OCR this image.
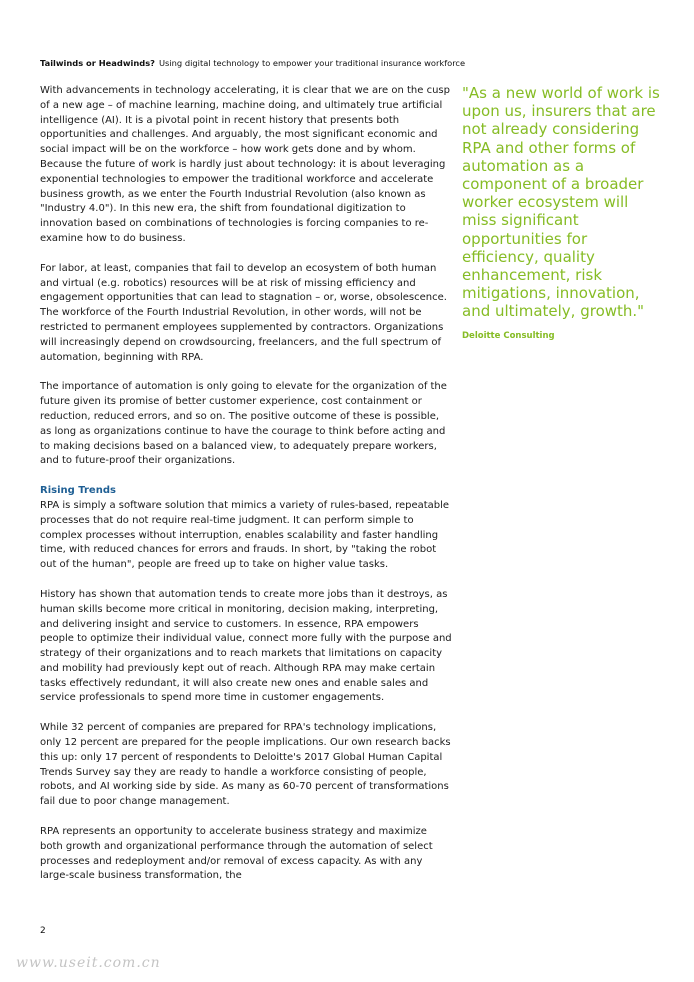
Tailwinds or Headwinds? Using digital technology to empower your traditional insurance workforce

With advancements in technology accelerating, it is clear that we are on the cusp of a new age – of machine learning, machine doing, and ultimately true artificial intelligence (AI). It is a pivotal point in recent history that presents both opportunities and challenges. And arguably, the most significant economic and social impact will be on the workforce – how work gets done and by whom. Because the future of work is hardly just about technology: it is about leveraging exponential technologies to empower the traditional workforce and accelerate business growth, as we enter the Fourth Industrial Revolution (also known as "Industry 4.0"). In this new era, the shift from foundational digitization to innovation based on combinations of technologies is forcing companies to re-examine how to do business.

For labor, at least, companies that fail to develop an ecosystem of both human and virtual (e.g. robotics) resources will be at risk of missing efficiency and engagement opportunities that can lead to stagnation – or, worse, obsolescence. The workforce of the Fourth Industrial Revolution, in other words, will not be restricted to permanent employees supplemented by contractors. Organizations will increasingly depend on crowdsourcing, freelancers, and the full spectrum of automation, beginning with RPA.

The importance of automation is only going to elevate for the organization of the future given its promise of better customer experience, cost containment or reduction, reduced errors, and so on. The positive outcome of these is possible, as long as organizations continue to have the courage to think before acting and to making decisions based on a balanced view, to adequately prepare workers, and to future-proof their organizations.

Rising Trends

RPA is simply a software solution that mimics a variety of rules-based, repeatable processes that do not require real-time judgment. It can perform simple to complex processes without interruption, enables scalability and faster handling time, with reduced chances for errors and frauds. In short, by "taking the robot out of the human", people are freed up to take on higher value tasks.

History has shown that automation tends to create more jobs than it destroys, as human skills become more critical in monitoring, decision making, interpreting, and delivering insight and service to customers. In essence, RPA empowers people to optimize their individual value, connect more fully with the purpose and strategy of their organizations and to reach markets that limitations on capacity and mobility had previously kept out of reach. Although RPA may make certain tasks effectively redundant, it will also create new ones and enable sales and service professionals to spend more time in customer engagements.

While 32 percent of companies are prepared for RPA's technology implications, only 12 percent are prepared for the people implications. Our own research backs this up: only 17 percent of respondents to Deloitte's 2017 Global Human Capital Trends Survey say they are ready to handle a workforce consisting of people, robots, and AI working side by side. As many as 60-70 percent of transformations fail due to poor change management.

RPA represents an opportunity to accelerate business strategy and maximize both growth and organizational performance through the automation of select processes and redeployment and/or removal of excess capacity. As with any large-scale business transformation, the

"As a new world of work is upon us, insurers that are not already considering RPA and other forms of automation as a component of a broader worker ecosystem will miss significant opportunities for efficiency, quality enhancement, risk mitigations, innovation, and ultimately, growth."

Deloitte Consulting
2
www.useit.com.cn
